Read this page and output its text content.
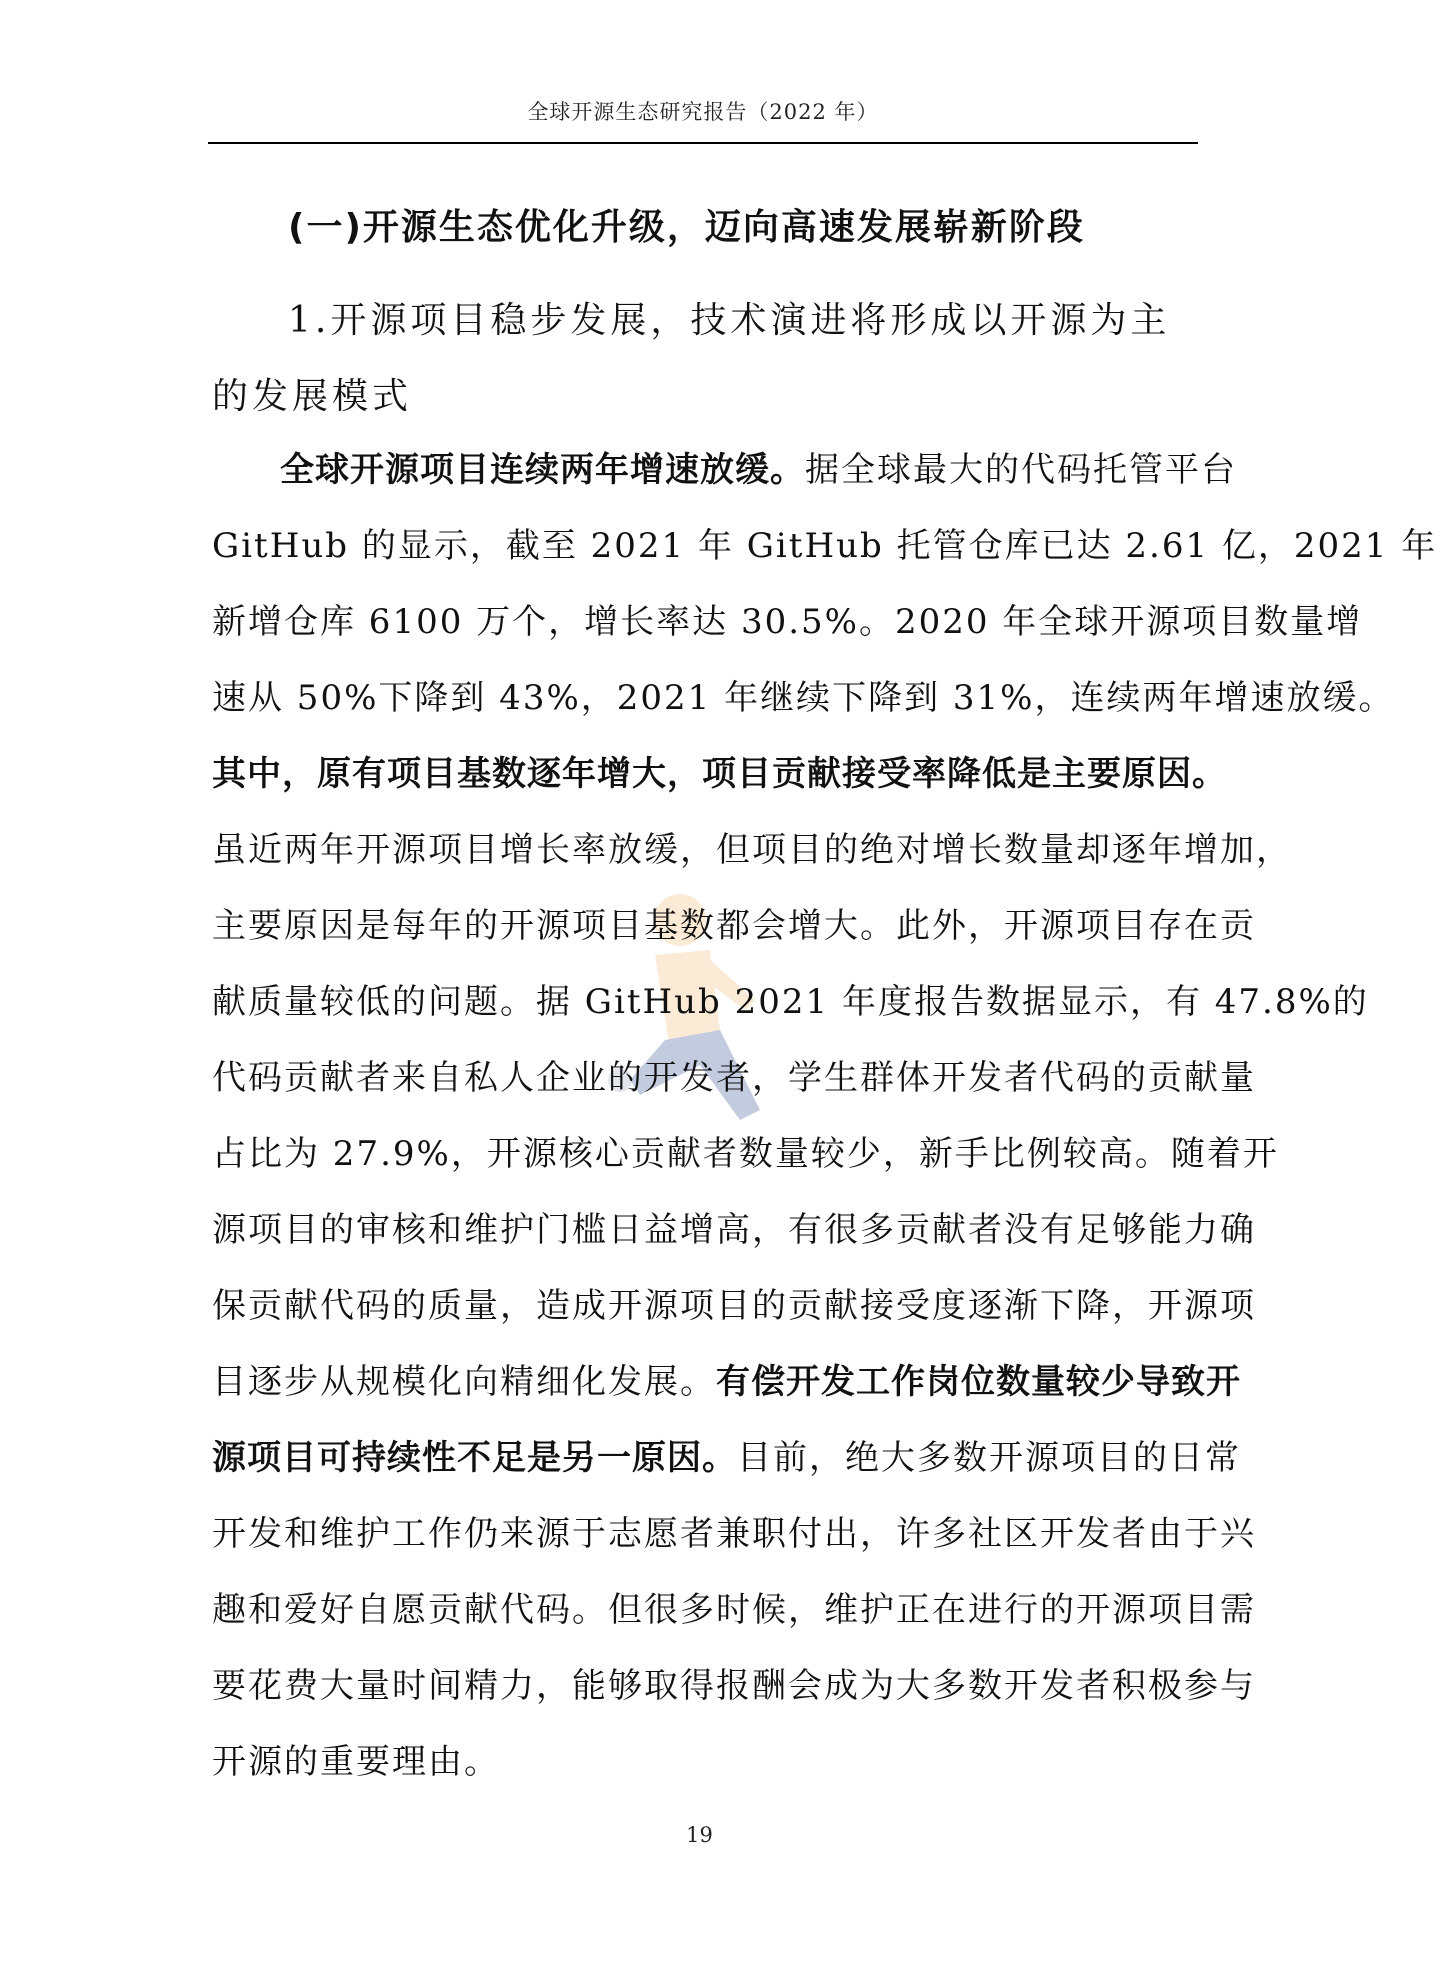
全球开源生态研究报告（2022 年）
(一)开源生态优化升级，迈向高速发展崭新阶段
1.开源项目稳步发展，技术演进将形成以开源为主的发展模式
全球开源项目连续两年增速放缓。据全球最大的代码托管平台
GitHub 的显示，截至 2021 年 GitHub 托管仓库已达 2.61 亿，2021 年
新增仓库 6100 万个，增长率达 30.5%。2020 年全球开源项目数量增
速从 50%下降到 43%，2021 年继续下降到 31%，连续两年增速放缓。
其中，原有项目基数逐年增大，项目贡献接受率降低是主要原因。
虽近两年开源项目增长率放缓，但项目的绝对增长数量却逐年增加，
主要原因是每年的开源项目基数都会增大。此外，开源项目存在贡
献质量较低的问题。据 GitHub 2021 年度报告数据显示，有 47.8%的
代码贡献者来自私人企业的开发者，学生群体开发者代码的贡献量
占比为 27.9%，开源核心贡献者数量较少，新手比例较高。随着开
源项目的审核和维护门槛日益增高，有很多贡献者没有足够能力确
保贡献代码的质量，造成开源项目的贡献接受度逐渐下降，开源项
目逐步从规模化向精细化发展。有偿开发工作岗位数量较少导致开
源项目可持续性不足是另一原因。目前，绝大多数开源项目的日常
开发和维护工作仍来源于志愿者兼职付出，许多社区开发者由于兴
趣和爱好自愿贡献代码。但很多时候，维护正在进行的开源项目需
要花费大量时间精力，能够取得报酬会成为大多数开发者积极参与
开源的重要理由。
19
